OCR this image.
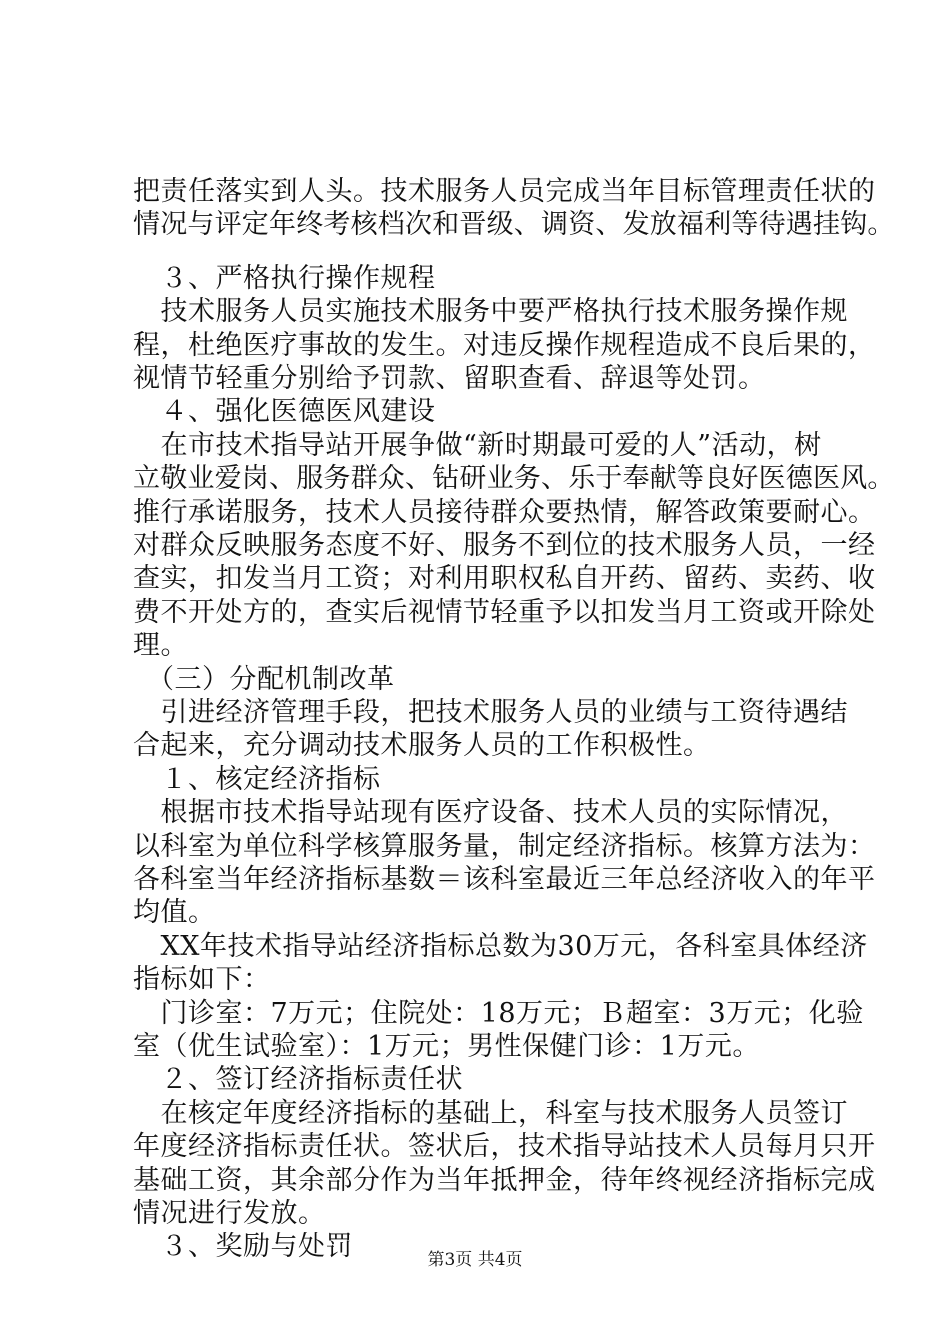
把责任落实到人头。技术服务人员完成当年目标管理责任状的
情况与评定年终考核档次和晋级、调资、发放福利等待遇挂钩。
　３、严格执行操作规程
　技术服务人员实施技术服务中要严格执行技术服务操作规
程，杜绝医疗事故的发生。对违反操作规程造成不良后果的，
视情节轻重分别给予罚款、留职查看、辞退等处罚。
　４、强化医德医风建设
　在市技术指导站开展争做“新时期最可爱的人”活动，树
立敬业爱岗、服务群众、钻研业务、乐于奉献等良好医德医风。
推行承诺服务，技术人员接待群众要热情，解答政策要耐心。
对群众反映服务态度不好、服务不到位的技术服务人员，一经
查实，扣发当月工资；对利用职权私自开药、留药、卖药、收
费不开处方的，查实后视情节轻重予以扣发当月工资或开除处
理。
　（三）分配机制改革
　引进经济管理手段，把技术服务人员的业绩与工资待遇结
合起来，充分调动技术服务人员的工作积极性。
　１、核定经济指标
　根据市技术指导站现有医疗设备、技术人员的实际情况，
以科室为单位科学核算服务量，制定经济指标。核算方法为：
各科室当年经济指标基数＝该科室最近三年总经济收入的年平
均值。
　XX年技术指导站经济指标总数为30万元，各科室具体经济
指标如下：
　门诊室：7万元；住院处：18万元；Ｂ超室：3万元；化验
室（优生试验室）：1万元；男性保健门诊：1万元。
　２、签订经济指标责任状
　在核定年度经济指标的基础上，科室与技术服务人员签订
年度经济指标责任状。签状后，技术指导站技术人员每月只开
基础工资，其余部分作为当年抵押金，待年终视经济指标完成
情况进行发放。
　３、奖励与处罚	第3页 共4页
